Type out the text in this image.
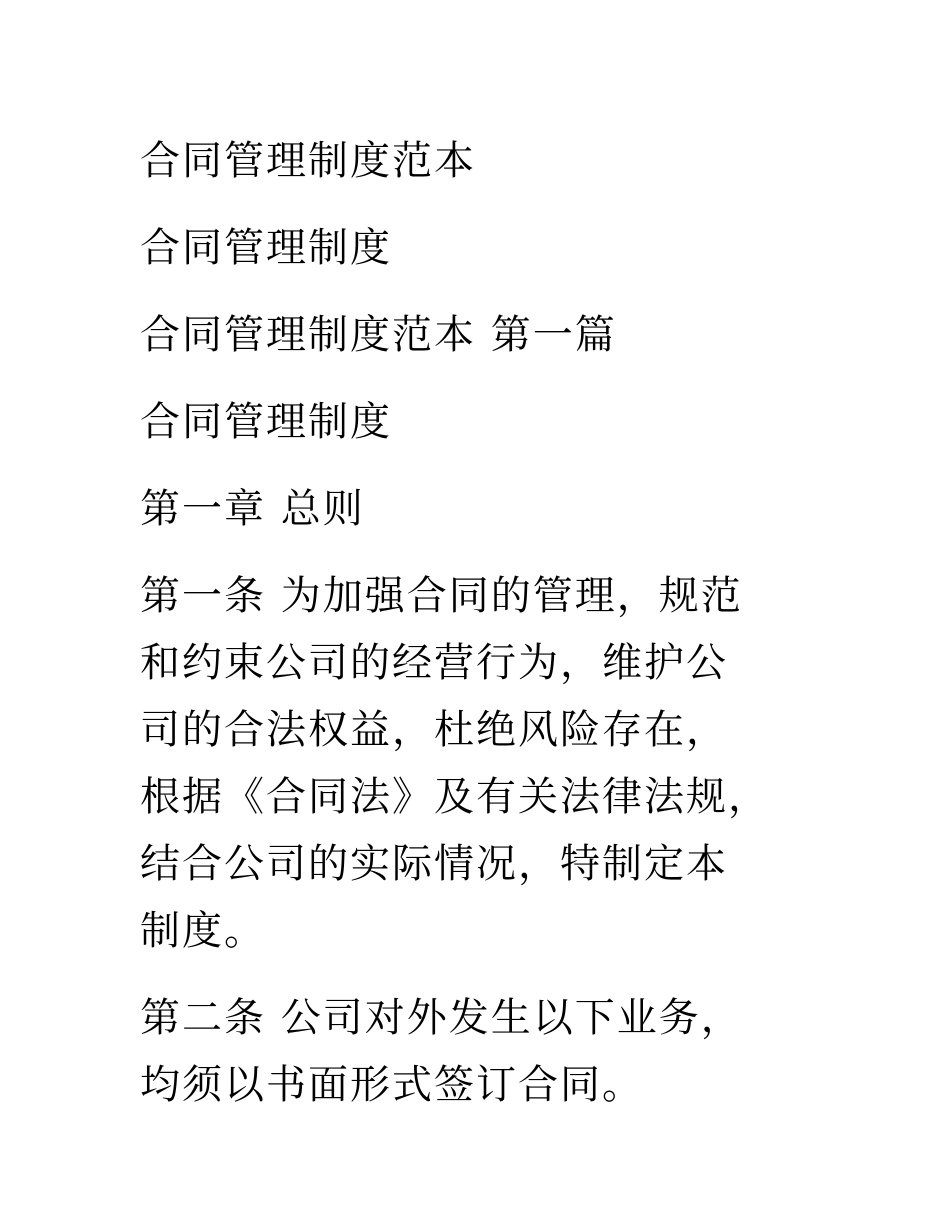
合同管理制度范本

合同管理制度

合同管理制度范本 第一篇

合同管理制度

第一章 总则

第一条 为加强合同的管理，规范
和约束公司的经营行为，维护公
司的合法权益，杜绝风险存在，
根据《合同法》及有关法律法规，
结合公司的实际情况，特制定本
制度。

第二条 公司对外发生以下业务，
均须以书面形式签订合同。
